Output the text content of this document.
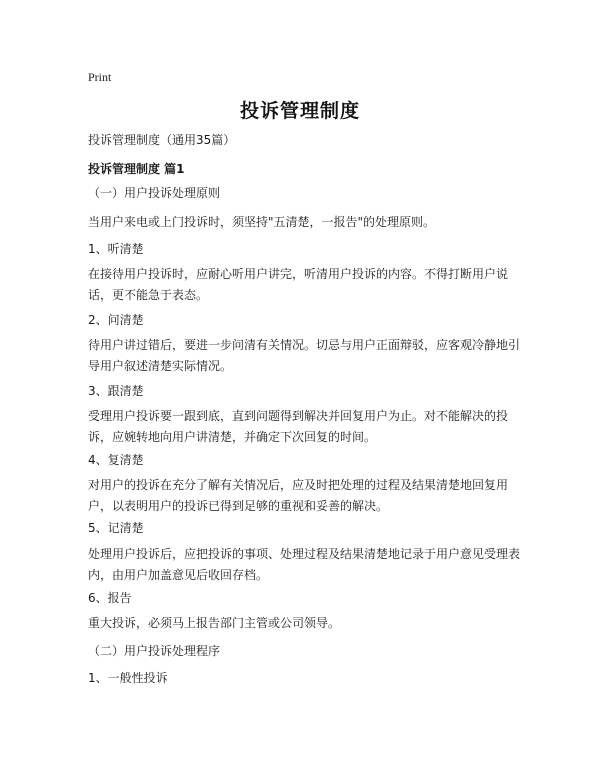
Print
投诉管理制度
投诉管理制度（通用35篇）
投诉管理制度 篇1
（一）用户投诉处理原则
当用户来电或上门投诉时，须坚持"五清楚，一报告"的处理原则。
1、听清楚
在接待用户投诉时，应耐心听用户讲完，听清用户投诉的内容。不得打断用户说话，更不能急于表态。
2、问清楚
待用户讲过错后，要进一步问清有关情况。切忌与用户正面辩驳，应客观冷静地引导用户叙述清楚实际情况。
3、跟清楚
受理用户投诉要一跟到底，直到问题得到解决并回复用户为止。对不能解决的投诉，应婉转地向用户讲清楚，并确定下次回复的时间。
4、复清楚
对用户的投诉在充分了解有关情况后，应及时把处理的过程及结果清楚地回复用户，以表明用户的投诉已得到足够的重视和妥善的解决。
5、记清楚
处理用户投诉后，应把投诉的事项、处理过程及结果清楚地记录于用户意见受理表内，由用户加盖意见后收回存档。
6、报告
重大投诉，必须马上报告部门主管或公司领导。
（二）用户投诉处理程序
1、一般性投诉
